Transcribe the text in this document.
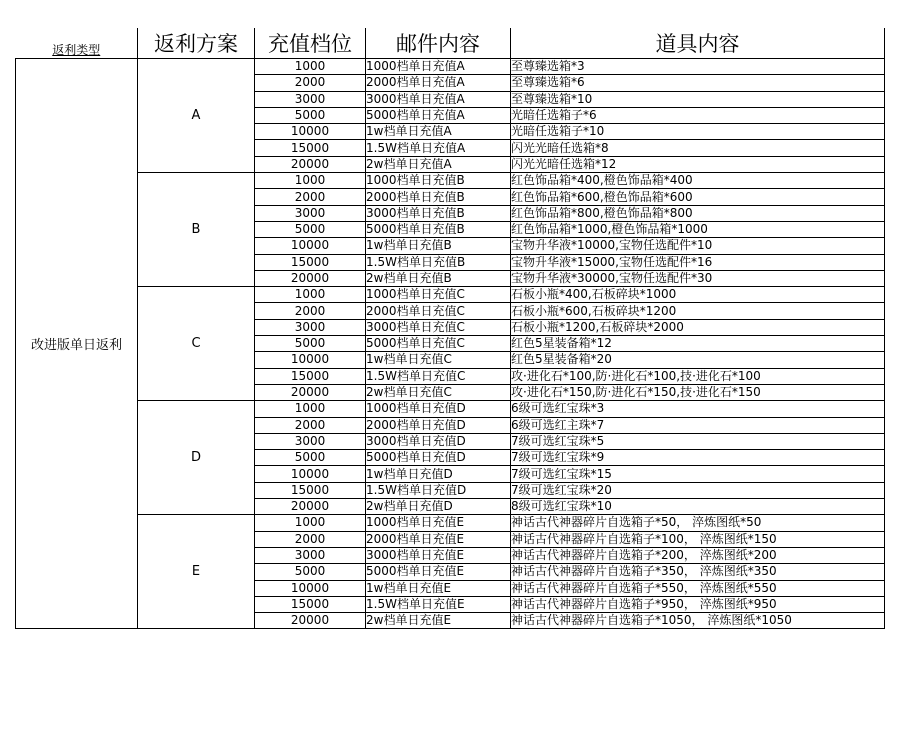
返利类型	返利方案	充值档位	邮件内容	道具内容
改进版单日返利	A	1000	1000档单日充值A	至尊臻选箱*3
		2000	2000档单日充值A	至尊臻选箱*6
		3000	3000档单日充值A	至尊臻选箱*10
		5000	5000档单日充值A	光暗任选箱子*6
		10000	1w档单日充值A	光暗任选箱子*10
		15000	1.5W档单日充值A	闪光光暗任选箱*8
		20000	2w档单日充值A	闪光光暗任选箱*12
	B	1000	1000档单日充值B	红色饰品箱*400,橙色饰品箱*400
		2000	2000档单日充值B	红色饰品箱*600,橙色饰品箱*600
		3000	3000档单日充值B	红色饰品箱*800,橙色饰品箱*800
		5000	5000档单日充值B	红色饰品箱*1000,橙色饰品箱*1000
		10000	1w档单日充值B	宝物升华液*10000,宝物任选配件*10
		15000	1.5W档单日充值B	宝物升华液*15000,宝物任选配件*16
		20000	2w档单日充值B	宝物升华液*30000,宝物任选配件*30
	C	1000	1000档单日充值C	石板小瓶*400,石板碎块*1000
		2000	2000档单日充值C	石板小瓶*600,石板碎块*1200
		3000	3000档单日充值C	石板小瓶*1200,石板碎块*2000
		5000	5000档单日充值C	红色5星装备箱*12
		10000	1w档单日充值C	红色5星装备箱*20
		15000	1.5W档单日充值C	攻·进化石*100,防·进化石*100,技·进化石*100
		20000	2w档单日充值C	攻·进化石*150,防·进化石*150,技·进化石*150
	D	1000	1000档单日充值D	6级可选红宝珠*3
		2000	2000档单日充值D	6级可选红主珠*7
		3000	3000档单日充值D	7级可选红宝珠*5
		5000	5000档单日充值D	7级可选红宝珠*9
		10000	1w档单日充值D	7级可选红宝珠*15
		15000	1.5W档单日充值D	7级可选红宝珠*20
		20000	2w档单日充值D	8级可选红宝珠*10
	E	1000	1000档单日充值E	神话古代神器碎片自选箱子*50， 淬炼图纸*50
		2000	2000档单日充值E	神话古代神器碎片自选箱子*100， 淬炼图纸*150
		3000	3000档单日充值E	神话古代神器碎片自选箱子*200， 淬炼图纸*200
		5000	5000档单日充值E	神话古代神器碎片自选箱子*350， 淬炼图纸*350
		10000	1w档单日充值E	神话古代神器碎片自选箱子*550， 淬炼图纸*550
		15000	1.5W档单日充值E	神话古代神器碎片自选箱子*950， 淬炼图纸*950
		20000	2w档单日充值E	神话古代神器碎片自选箱子*1050， 淬炼图纸*1050
